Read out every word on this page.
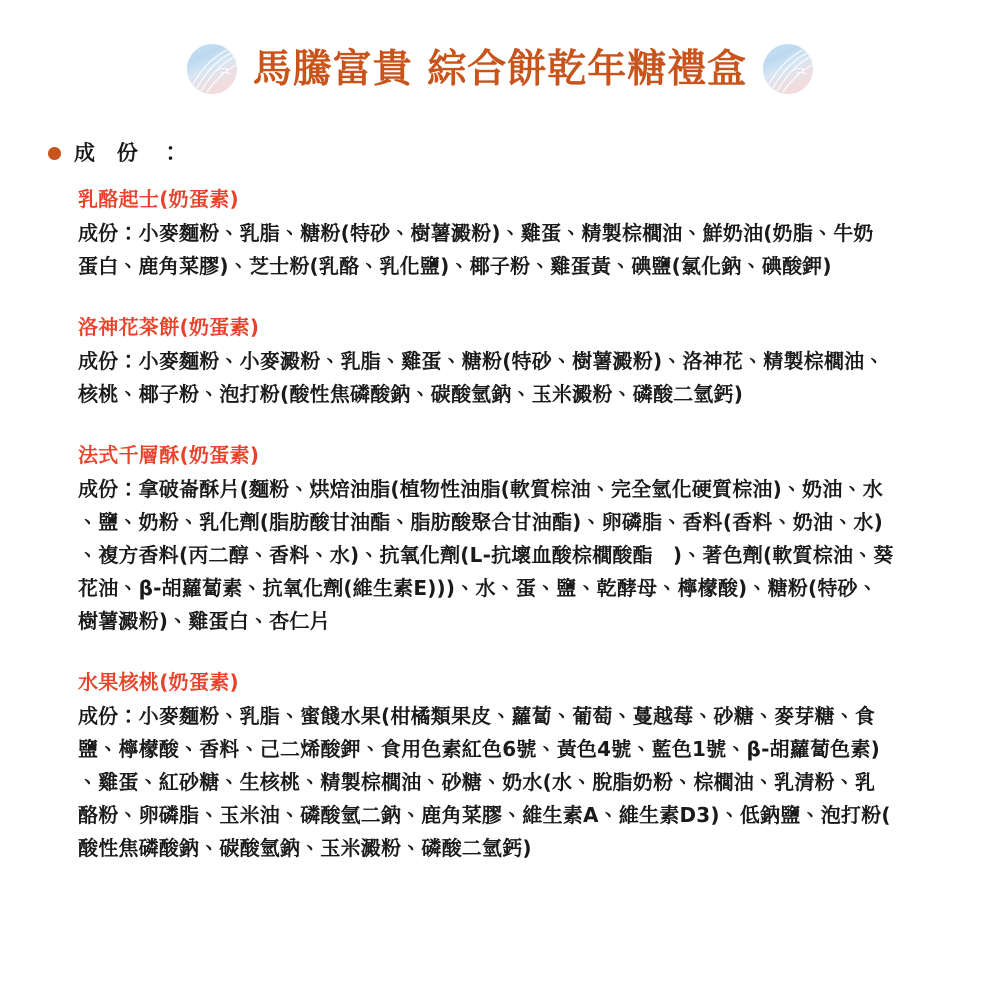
馬騰富貴 綜合餅乾年糖禮盒
成　份　：
乳酪起士(奶蛋素)

成份：小麥麵粉、乳脂、糖粉(特砂、樹薯澱粉)、雞蛋、精製棕櫚油、鮮奶油(奶脂、牛奶

蛋白、鹿角菜膠)、芝士粉(乳酪、乳化鹽)、椰子粉、雞蛋黃、碘鹽(氯化鈉、碘酸鉀)

洛神花茶餅(奶蛋素)

成份：小麥麵粉、小麥澱粉、乳脂、雞蛋、糖粉(特砂、樹薯澱粉)、洛神花、精製棕櫚油、

核桃、椰子粉、泡打粉(酸性焦磷酸鈉、碳酸氫鈉、玉米澱粉、磷酸二氫鈣)

法式千層酥(奶蛋素)

成份：拿破崙酥片(麵粉、烘焙油脂(植物性油脂(軟質棕油、完全氫化硬質棕油)、奶油、水

、鹽、奶粉、乳化劑(脂肪酸甘油酯、脂肪酸聚合甘油酯)、卵磷脂、香料(香料、奶油、水)

、複方香料(丙二醇、香料、水)、抗氧化劑(L-抗壞血酸棕櫚酸酯　)、著色劑(軟質棕油、葵

花油、β-胡蘿蔔素、抗氧化劑(維生素E)))、水、蛋、鹽、乾酵母、檸檬酸)、糖粉(特砂、

樹薯澱粉)、雞蛋白、杏仁片

水果核桃(奶蛋素)

成份：小麥麵粉、乳脂、蜜餞水果(柑橘類果皮、蘿蔔、葡萄、蔓越莓、砂糖、麥芽糖、食

鹽、檸檬酸、香料、己二烯酸鉀、食用色素紅色6號、黃色4號、藍色1號、β-胡蘿蔔色素)

、雞蛋、紅砂糖、生核桃、精製棕櫚油、砂糖、奶水(水、脫脂奶粉、棕櫚油、乳清粉、乳

酪粉、卵磷脂、玉米油、磷酸氫二鈉、鹿角菜膠、維生素A、維生素D3)、低鈉鹽、泡打粉(

酸性焦磷酸鈉、碳酸氫鈉、玉米澱粉、磷酸二氫鈣)
